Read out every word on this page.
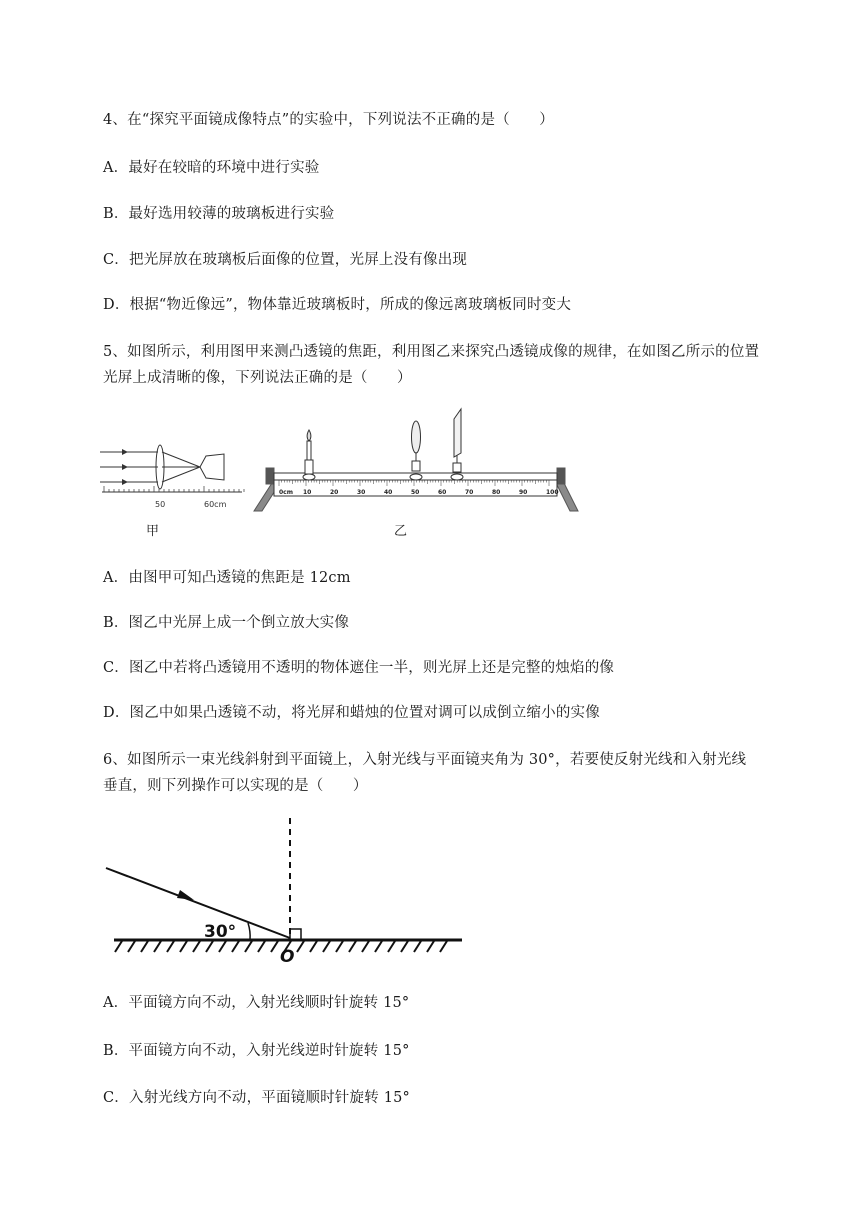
4、在“探究平面镜成像特点”的实验中，下列说法不正确的是（　　）
A．最好在较暗的环境中进行实验
B．最好选用较薄的玻璃板进行实验
C．把光屏放在玻璃板后面像的位置，光屏上没有像出现
D．根据“物近像远”，物体靠近玻璃板时，所成的像远离玻璃板同时变大
5、如图所示，利用图甲来测凸透镜的焦距，利用图乙来探究凸透镜成像的规律，在如图乙所示的位置
光屏上成清晰的像，下列说法正确的是（　　）
50	60cm
甲
0cm 10	20	30	40	50	60	70	80	90	100
乙
A．由图甲可知凸透镜的焦距是 12cm
B．图乙中光屏上成一个倒立放大实像
C．图乙中若将凸透镜用不透明的物体遮住一半，则光屏上还是完整的烛焰的像
D．图乙中如果凸透镜不动，将光屏和蜡烛的位置对调可以成倒立缩小的实像
6、如图所示一束光线斜射到平面镜上，入射光线与平面镜夹角为 30°，若要使反射光线和入射光线
垂直，则下列操作可以实现的是（　　）
30°
O
A．平面镜方向不动，入射光线顺时针旋转 15°
B．平面镜方向不动，入射光线逆时针旋转 15°
C．入射光线方向不动，平面镜顺时针旋转 15°
